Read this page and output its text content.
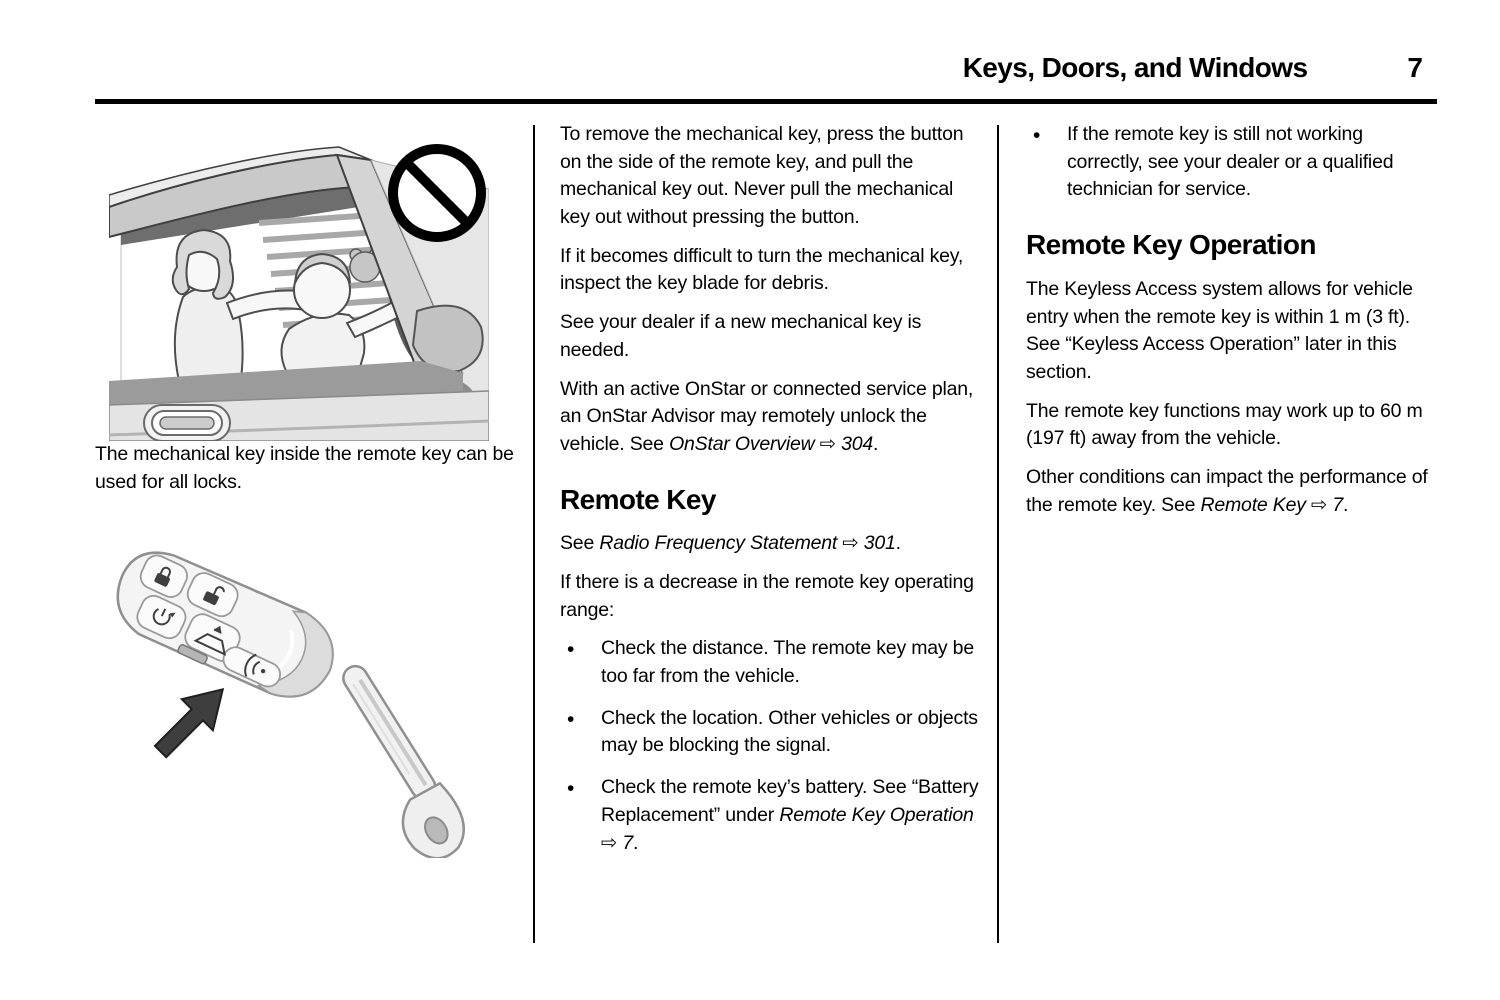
Keys, Doors, and Windows	7

The mechanical key inside the remote key can be used for all locks.

To remove the mechanical key, press the button on the side of the remote key, and pull the mechanical key out. Never pull the mechanical key out without pressing the button.

If it becomes difficult to turn the mechanical key, inspect the key blade for debris.

See your dealer if a new mechanical key is needed.

With an active OnStar or connected service plan, an OnStar Advisor may remotely unlock the vehicle. See OnStar Overview ⇨ 304.

Remote Key

See Radio Frequency Statement ⇨ 301.

If there is a decrease in the remote key operating range:

•	Check the distance. The remote key may be too far from the vehicle.
•	Check the location. Other vehicles or objects may be blocking the signal.
•	Check the remote key’s battery. See “Battery Replacement” under Remote Key Operation ⇨ 7.
•	If the remote key is still not working correctly, see your dealer or a qualified technician for service.
Remote Key Operation

The Keyless Access system allows for vehicle entry when the remote key is within 1 m (3 ft). See “Keyless Access Operation” later in this section.

The remote key functions may work up to 60 m (197 ft) away from the vehicle.

Other conditions can impact the performance of the remote key. See Remote Key ⇨ 7.
